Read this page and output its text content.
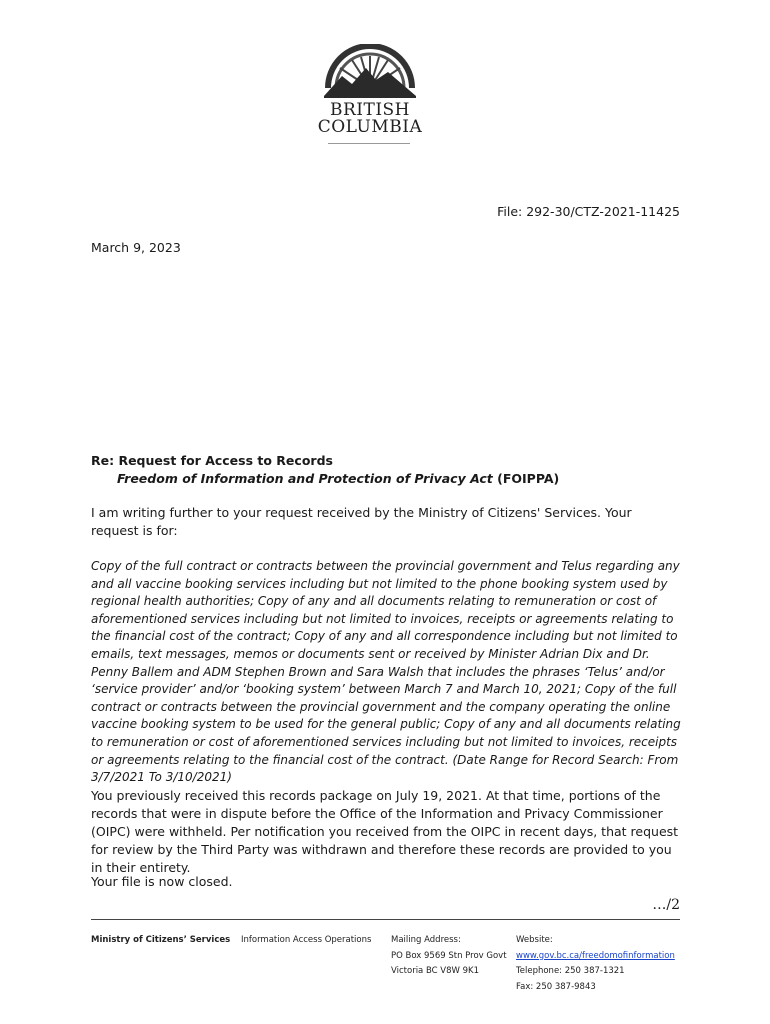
BRITISH
COLUMBIA
File: 292-30/CTZ-2021-11425
March 9, 2023
Re: Request for Access to Records
Freedom of Information and Protection of Privacy Act (FOIPPA)

I am writing further to your request received by the Ministry of Citizens' Services. Your request is for:

Copy of the full contract or contracts between the provincial government and Telus regarding any and all vaccine booking services including but not limited to the phone booking system used by regional health authorities; Copy of any and all documents relating to remuneration or cost of aforementioned services including but not limited to invoices, receipts or agreements relating to the financial cost of the contract; Copy of any and all correspondence including but not limited to emails, text messages, memos or documents sent or received by Minister Adrian Dix and Dr. Penny Ballem and ADM Stephen Brown and Sara Walsh that includes the phrases ‘Telus’ and/or ‘service provider’ and/or ‘booking system’ between March 7 and March 10, 2021; Copy of the full contract or contracts between the provincial government and the company operating the online vaccine booking system to be used for the general public; Copy of any and all documents relating to remuneration or cost of aforementioned services including but not limited to invoices, receipts or agreements relating to the financial cost of the contract. (Date Range for Record Search: From 3/7/2021 To 3/10/2021)

You previously received this records package on July 19, 2021. At that time, portions of the records that were in dispute before the Office of the Information and Privacy Commissioner (OIPC) were withheld. Per notification you received from the OIPC in recent days, that request for review by the Third Party was withdrawn and therefore these records are provided to you in their entirety.

Your file is now closed.

…/2
Ministry of Citizens’ Services Information Access Operations Mailing Address:
PO Box 9569 Stn Prov Govt
Victoria BC V8W 9K1
Website:
www.gov.bc.ca/freedomofinformation
Telephone: 250 387-1321
Fax: 250 387-9843
